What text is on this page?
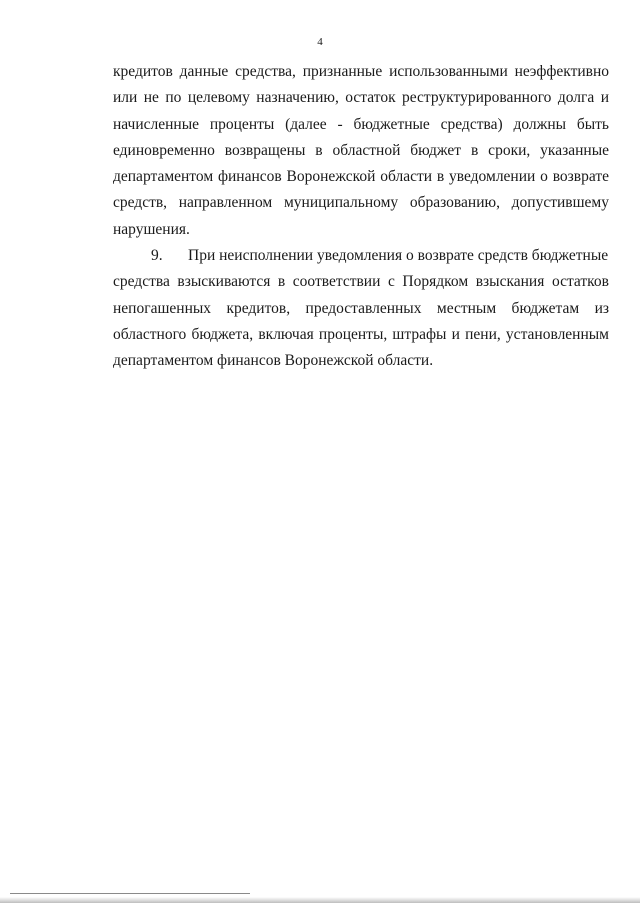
4
кредитов данные средства, признанные использованными неэффективно
или не по целевому назначению, остаток реструктурированного долга и
начисленные проценты (далее - бюджетные средства) должны быть
единовременно возвращены в областной бюджет в сроки, указанные
департаментом финансов Воронежской области в уведомлении о возврате
средств, направленном муниципальному образованию, допустившему
нарушения.
9. При неисполнении уведомления о возврате средств бюджетные
средства взыскиваются в соответствии с Порядком взыскания остатков
непогашенных кредитов, предоставленных местным бюджетам из
областного бюджета, включая проценты, штрафы и пени, установленным
департаментом финансов Воронежской области.
